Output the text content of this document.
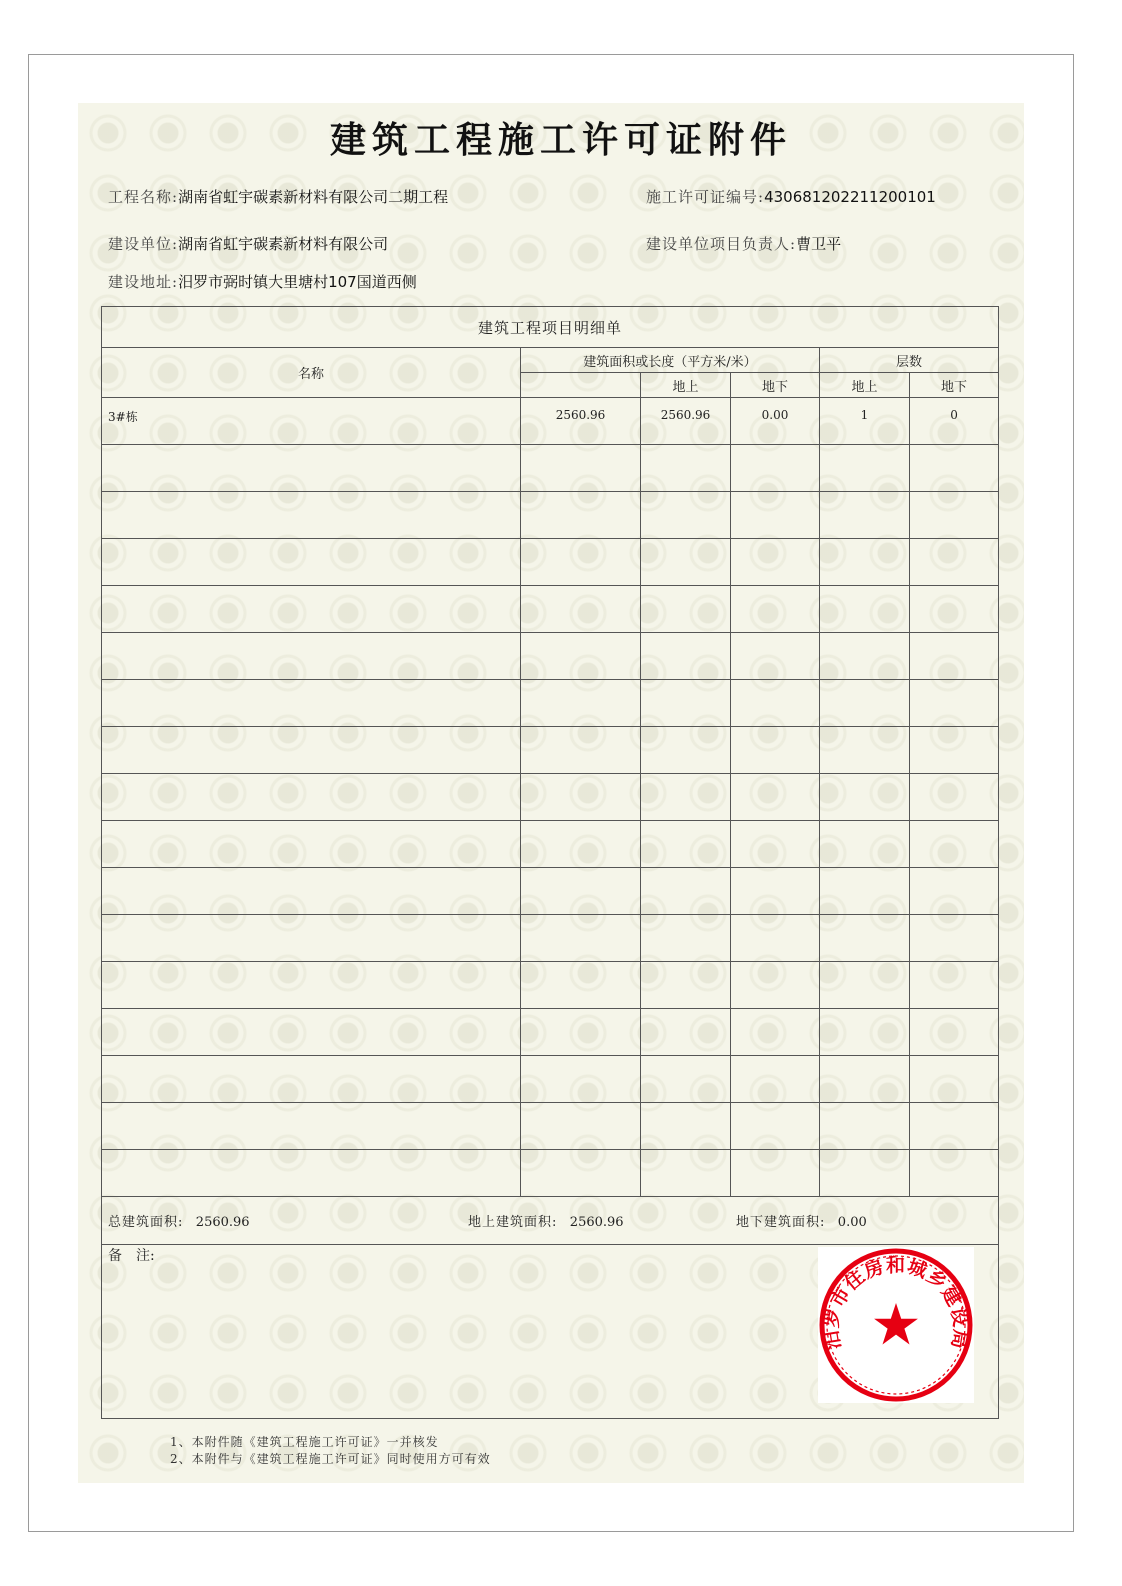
建筑工程施工许可证附件
工程名称:湖南省虹宇碳素新材料有限公司二期工程	施工许可证编号:430681202211200101
建设单位:湖南省虹宇碳素新材料有限公司	建设单位项目负责人:曹卫平
建设地址:汨罗市弼时镇大里塘村107国道西侧
建筑工程项目明细单					
名称	建筑面积或长度（平方米/米）			层数	
		地上	地下	地上	地下
3#栋	2560.96	2560.96	0.00	1	0

总建筑面积: 2560.96 地上建筑面积: 2560.96 地下建筑面积: 0.00					
备　注:					
汨罗市住房和城乡建设局
1、本附件随《建筑工程施工许可证》一并核发
2、本附件与《建筑工程施工许可证》同时使用方可有效
